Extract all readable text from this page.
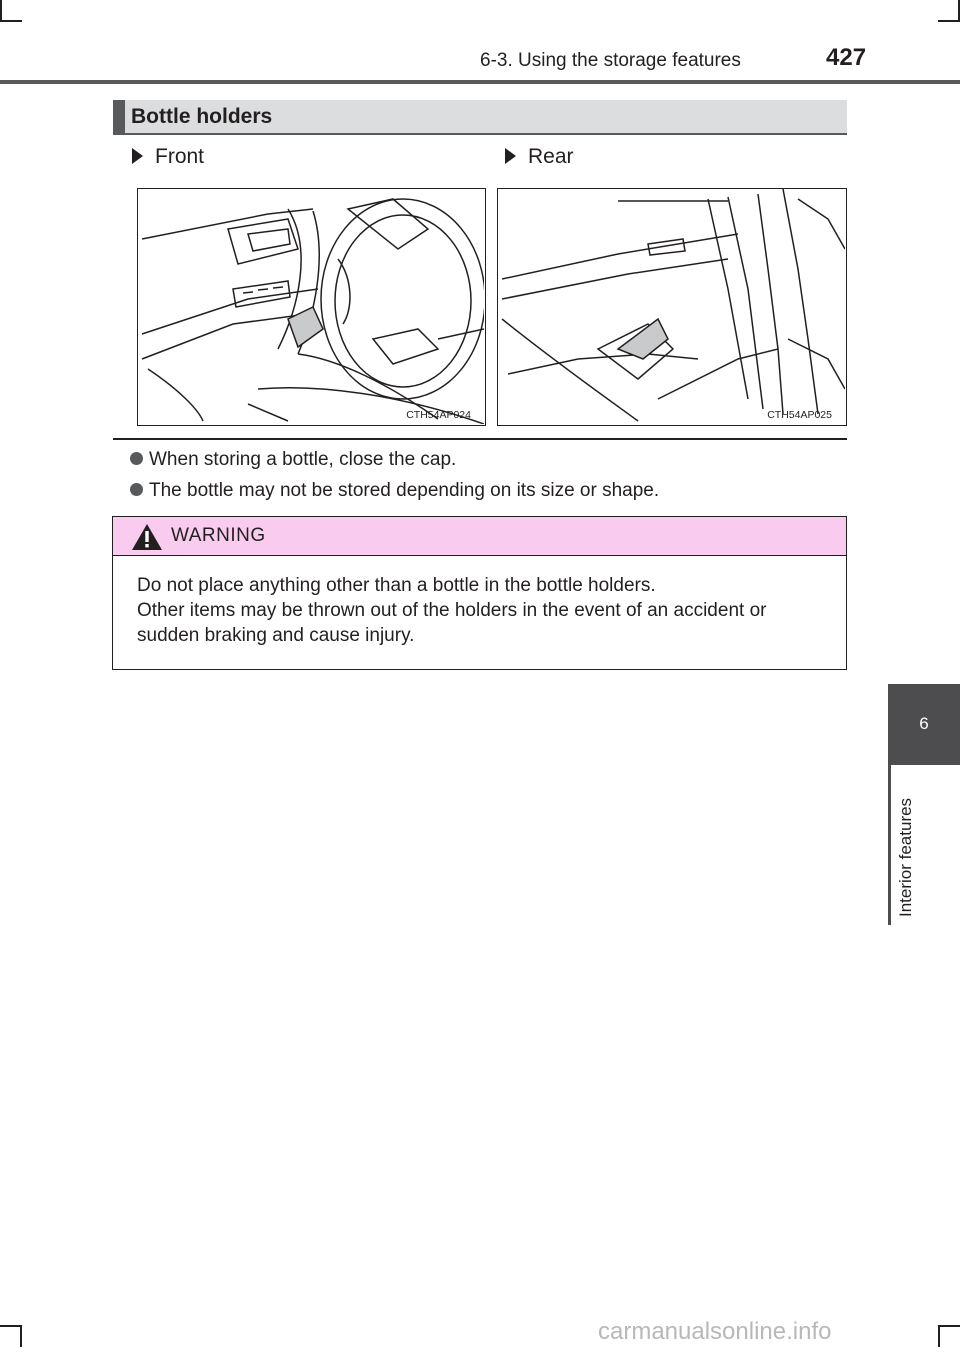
6-3. Using the storage features	427
Bottle holders
Front	Rear
CTH54AP024	CTH54AP025
When storing a bottle, close the cap.
The bottle may not be stored depending on its size or shape.
WARNING
Do not place anything other than a bottle in the bottle holders.
Other items may be thrown out of the holders in the event of an accident or
sudden braking and cause injury.
6
Interior features
carmanualsonline.info
